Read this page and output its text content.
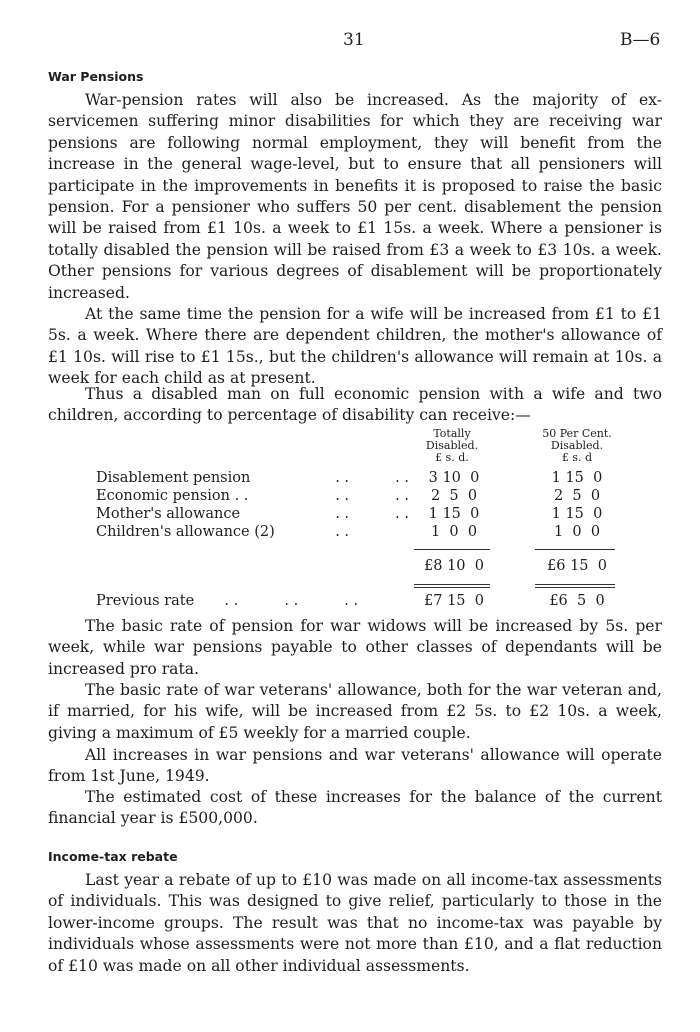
31	B—6
War Pensions

War-pension rates will also be increased. As the majority of ex-servicemen suffering minor disabilities for which they are receiving war pensions are following normal employment, they will benefit from the increase in the general wage-level, but to ensure that all pensioners will participate in the improvements in benefits it is proposed to raise the basic pension. For a pensioner who suffers 50 per cent. disablement the pension will be raised from £1 10s. a week to £1 15s. a week. Where a pensioner is totally disabled the pension will be raised from £3 a week to £3 10s. a week. Other pensions for various degrees of disablement will be proportionately increased.

At the same time the pension for a wife will be increased from £1 to £1 5s. a week. Where there are dependent children, the mother's allowance of £1 10s. will rise to £1 15s., but the children's allowance will remain at 10s. a week for each child as at present.

Thus a disabled man on full economic pension with a wife and two children, according to percentage of disability can receive:—

Totally
Disabled.
£ s. d.
50 Per Cent.
Disabled.
£ s. d
Disablement pension	. .          . .	3 10  0	1 15  0
Economic pension . .	. .          . .	2  5  0	2  5  0
Mother's allowance	. .          . .	1 15  0	1 15  0
Children's allowance (2)	. .	1  0  0	1  0  0
£8 10  0	£6 15  0
Previous rate . .          . .          . .	£7 15  0	£6  5  0

The basic rate of pension for war widows will be increased by 5s. per week, while war pensions payable to other classes of dependants will be increased pro rata.

The basic rate of war veterans' allowance, both for the war veteran and, if married, for his wife, will be increased from £2 5s. to £2 10s. a week, giving a maximum of £5 weekly for a married couple.

All increases in war pensions and war veterans' allowance will operate from 1st June, 1949.

The estimated cost of these increases for the balance of the current financial year is £500,000.

Income-tax rebate

Last year a rebate of up to £10 was made on all income-tax assessments of individuals. This was designed to give relief, particularly to those in the lower-income groups. The result was that no income-tax was payable by individuals whose assessments were not more than £10, and a flat reduction of £10 was made on all other individual assessments.
